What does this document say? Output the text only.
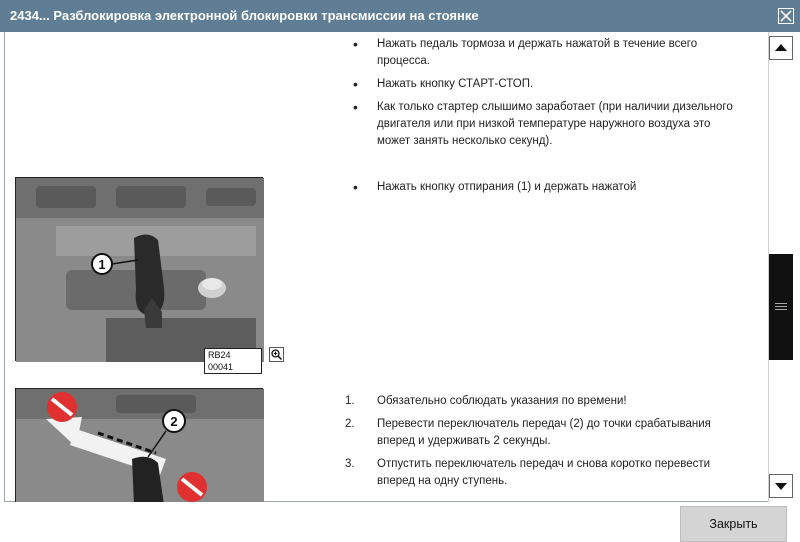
2434... Разблокировка электронной блокировки трансмиссии на стоянке
• Нажать педаль тормоза и держать нажатой в течение всего процесса.
• Нажать кнопку СТАРТ-СТОП.
• Как только стартер слышимо заработает (при наличии дизельного двигателя или при низкой температуре наружного воздуха это может занять несколько секунд).
1
RB24 00041
• Нажать кнопку отпирания (1) и держать нажатой
2
1. Обязательно соблюдать указания по времени!
2. Перевести переключатель передач (2) до точки срабатывания вперед и удерживать 2 секунды.
3. Отпустить переключатель передач и снова коротко перевести вперед на одну ступень.
Закрыть
